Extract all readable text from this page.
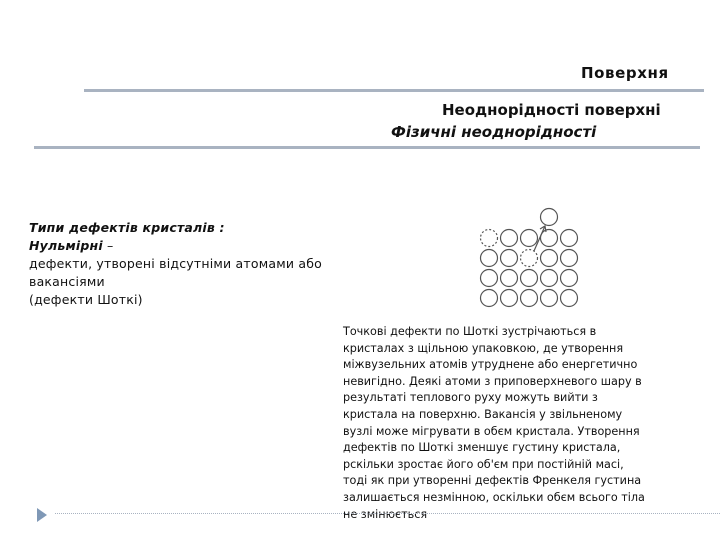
Поверхня
Неоднорідності поверхні
Фізичні неоднорідності
Типи дефектів кристалів :
Нульмірні –
дефекти, утворені відсутніми атомами або
вакансіями
(дефекти Шоткі)
Точкові дефекти по Шоткі зустрічаються в
кристалах з щільною упаковкою, де утворення
міжвузельних атомів утруднене або енергетично
невигідно. Деякі атоми з приповерхневого шару в
результаті теплового руху можуть вийти з
кристала на поверхню. Вакансія у звільненому
вузлі може мігрувати в обєм кристала. Утворення
дефектів по Шоткі зменшує густину кристала,
рскільки зростає його об'єм при постійній масі,
тоді як при утворенні дефектів Френкеля густина
залишається незмінною, оскільки обєм всього тіла
не змінюється
